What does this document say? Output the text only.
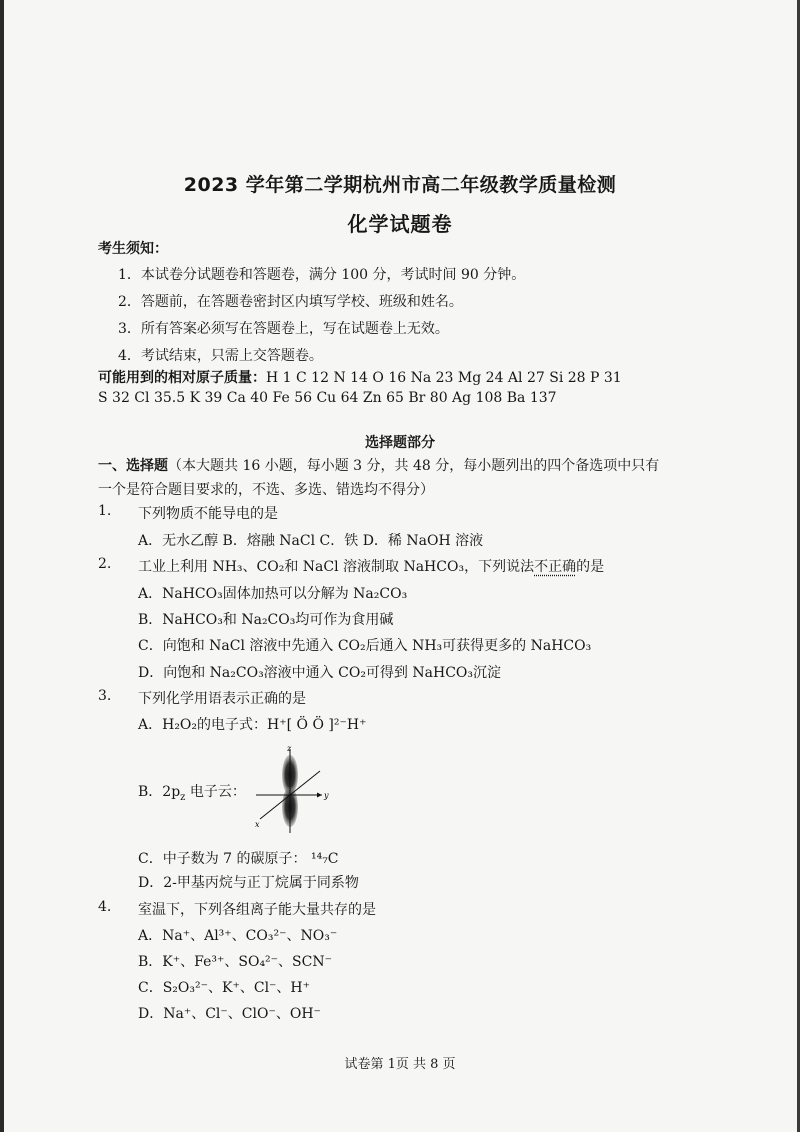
2023 学年第二学期杭州市高二年级教学质量检测
化学试题卷
考生须知：
1．本试卷分试题卷和答题卷，满分 100 分，考试时间 90 分钟。
2．答题前，在答题卷密封区内填写学校、班级和姓名。
3．所有答案必须写在答题卷上，写在试题卷上无效。
4．考试结束，只需上交答题卷。
可能用到的相对原子质量：H 1 C 12 N 14 O 16 Na 23 Mg 24 Al 27 Si 28 P 31
S 32 Cl 35.5 K 39 Ca 40 Fe 56 Cu 64 Zn 65 Br 80 Ag 108 Ba 137
选择题部分
一、选择题（本大题共 16 小题，每小题 3 分，共 48 分，每小题列出的四个备选项中只有
一个是符合题目要求的，不选、多选、错选均不得分）
1. 下列物质不能导电的是
A．无水乙醇 B．熔融 NaCl C．铁 D．稀 NaOH 溶液
2. 工业上利用 NH₃、CO₂和 NaCl 溶液制取 NaHCO₃，下列说法不正确的是
A．NaHCO₃固体加热可以分解为 Na₂CO₃
B．NaHCO₃和 Na₂CO₃均可作为食用碱
C．向饱和 NaCl 溶液中先通入 CO₂后通入 NH₃可获得更多的 NaHCO₃
D．向饱和 Na₂CO₃溶液中通入 CO₂可得到 NaHCO₃沉淀
3. 下列化学用语表示正确的是
A．H₂O₂的电子式：H⁺[ Ö Ö ]²⁻H⁺
B．$2p_z$ 电子云：
z
y
x
C．中子数为 7 的碳原子： ¹⁴₇C
D．2-甲基丙烷与正丁烷属于同系物
4. 室温下，下列各组离子能大量共存的是
A．Na⁺、Al³⁺、CO₃²⁻、NO₃⁻
B．K⁺、Fe³⁺、SO₄²⁻、SCN⁻
C．S₂O₃²⁻、K⁺、Cl⁻、H⁺
D．Na⁺、Cl⁻、ClO⁻、OH⁻
试卷第 1页 共 8 页
